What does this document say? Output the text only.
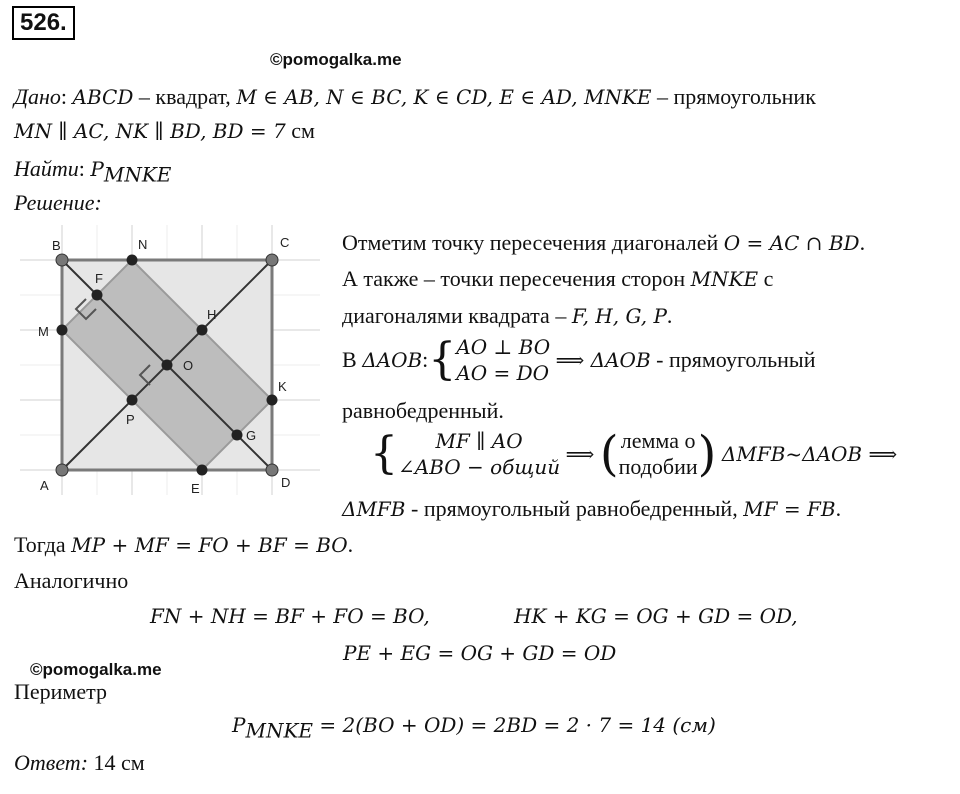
526.
©pomogalka.me
Дано: ABCD – квадрат, M ∈ AB, N ∈ BC, K ∈ CD, E ∈ AD, MNKE – прямоугольник
MN ∥ AC, NK ∥ BD, BD = 7 см
Найти: $P_{MNKE}$
Решение:
B	N	C
F
M
H
O
K
P
G
A	E	D
Отметим точку пересечения диагоналей O = AC ∩ BD.
А также – точки пересечения сторон MNKE с
диагоналями квадрата – F, H, G, P.
В ΔAOB:{AO ⊥ BO
AO = DO ⟹ ΔAOB - прямоугольный
равнобедренный.
{ MF ∥ AO
∠ABO − общий ⟹ (лемма о
подобии) ΔMFB~ΔAOB ⟹
ΔMFB - прямоугольный равнобедренный, MF = FB.
Тогда MP + MF = FO + BF = BO.
Аналогично
FN + NH = BF + FO = BO,	HK + KG = OG + GD = OD,
PE + EG = OG + GD = OD
©pomogalka.me
Периметр
$P_{MNKE} = 2(BO + OD) = 2BD = 2 \cdot 7 = 14$ (см)
Ответ: 14 см
